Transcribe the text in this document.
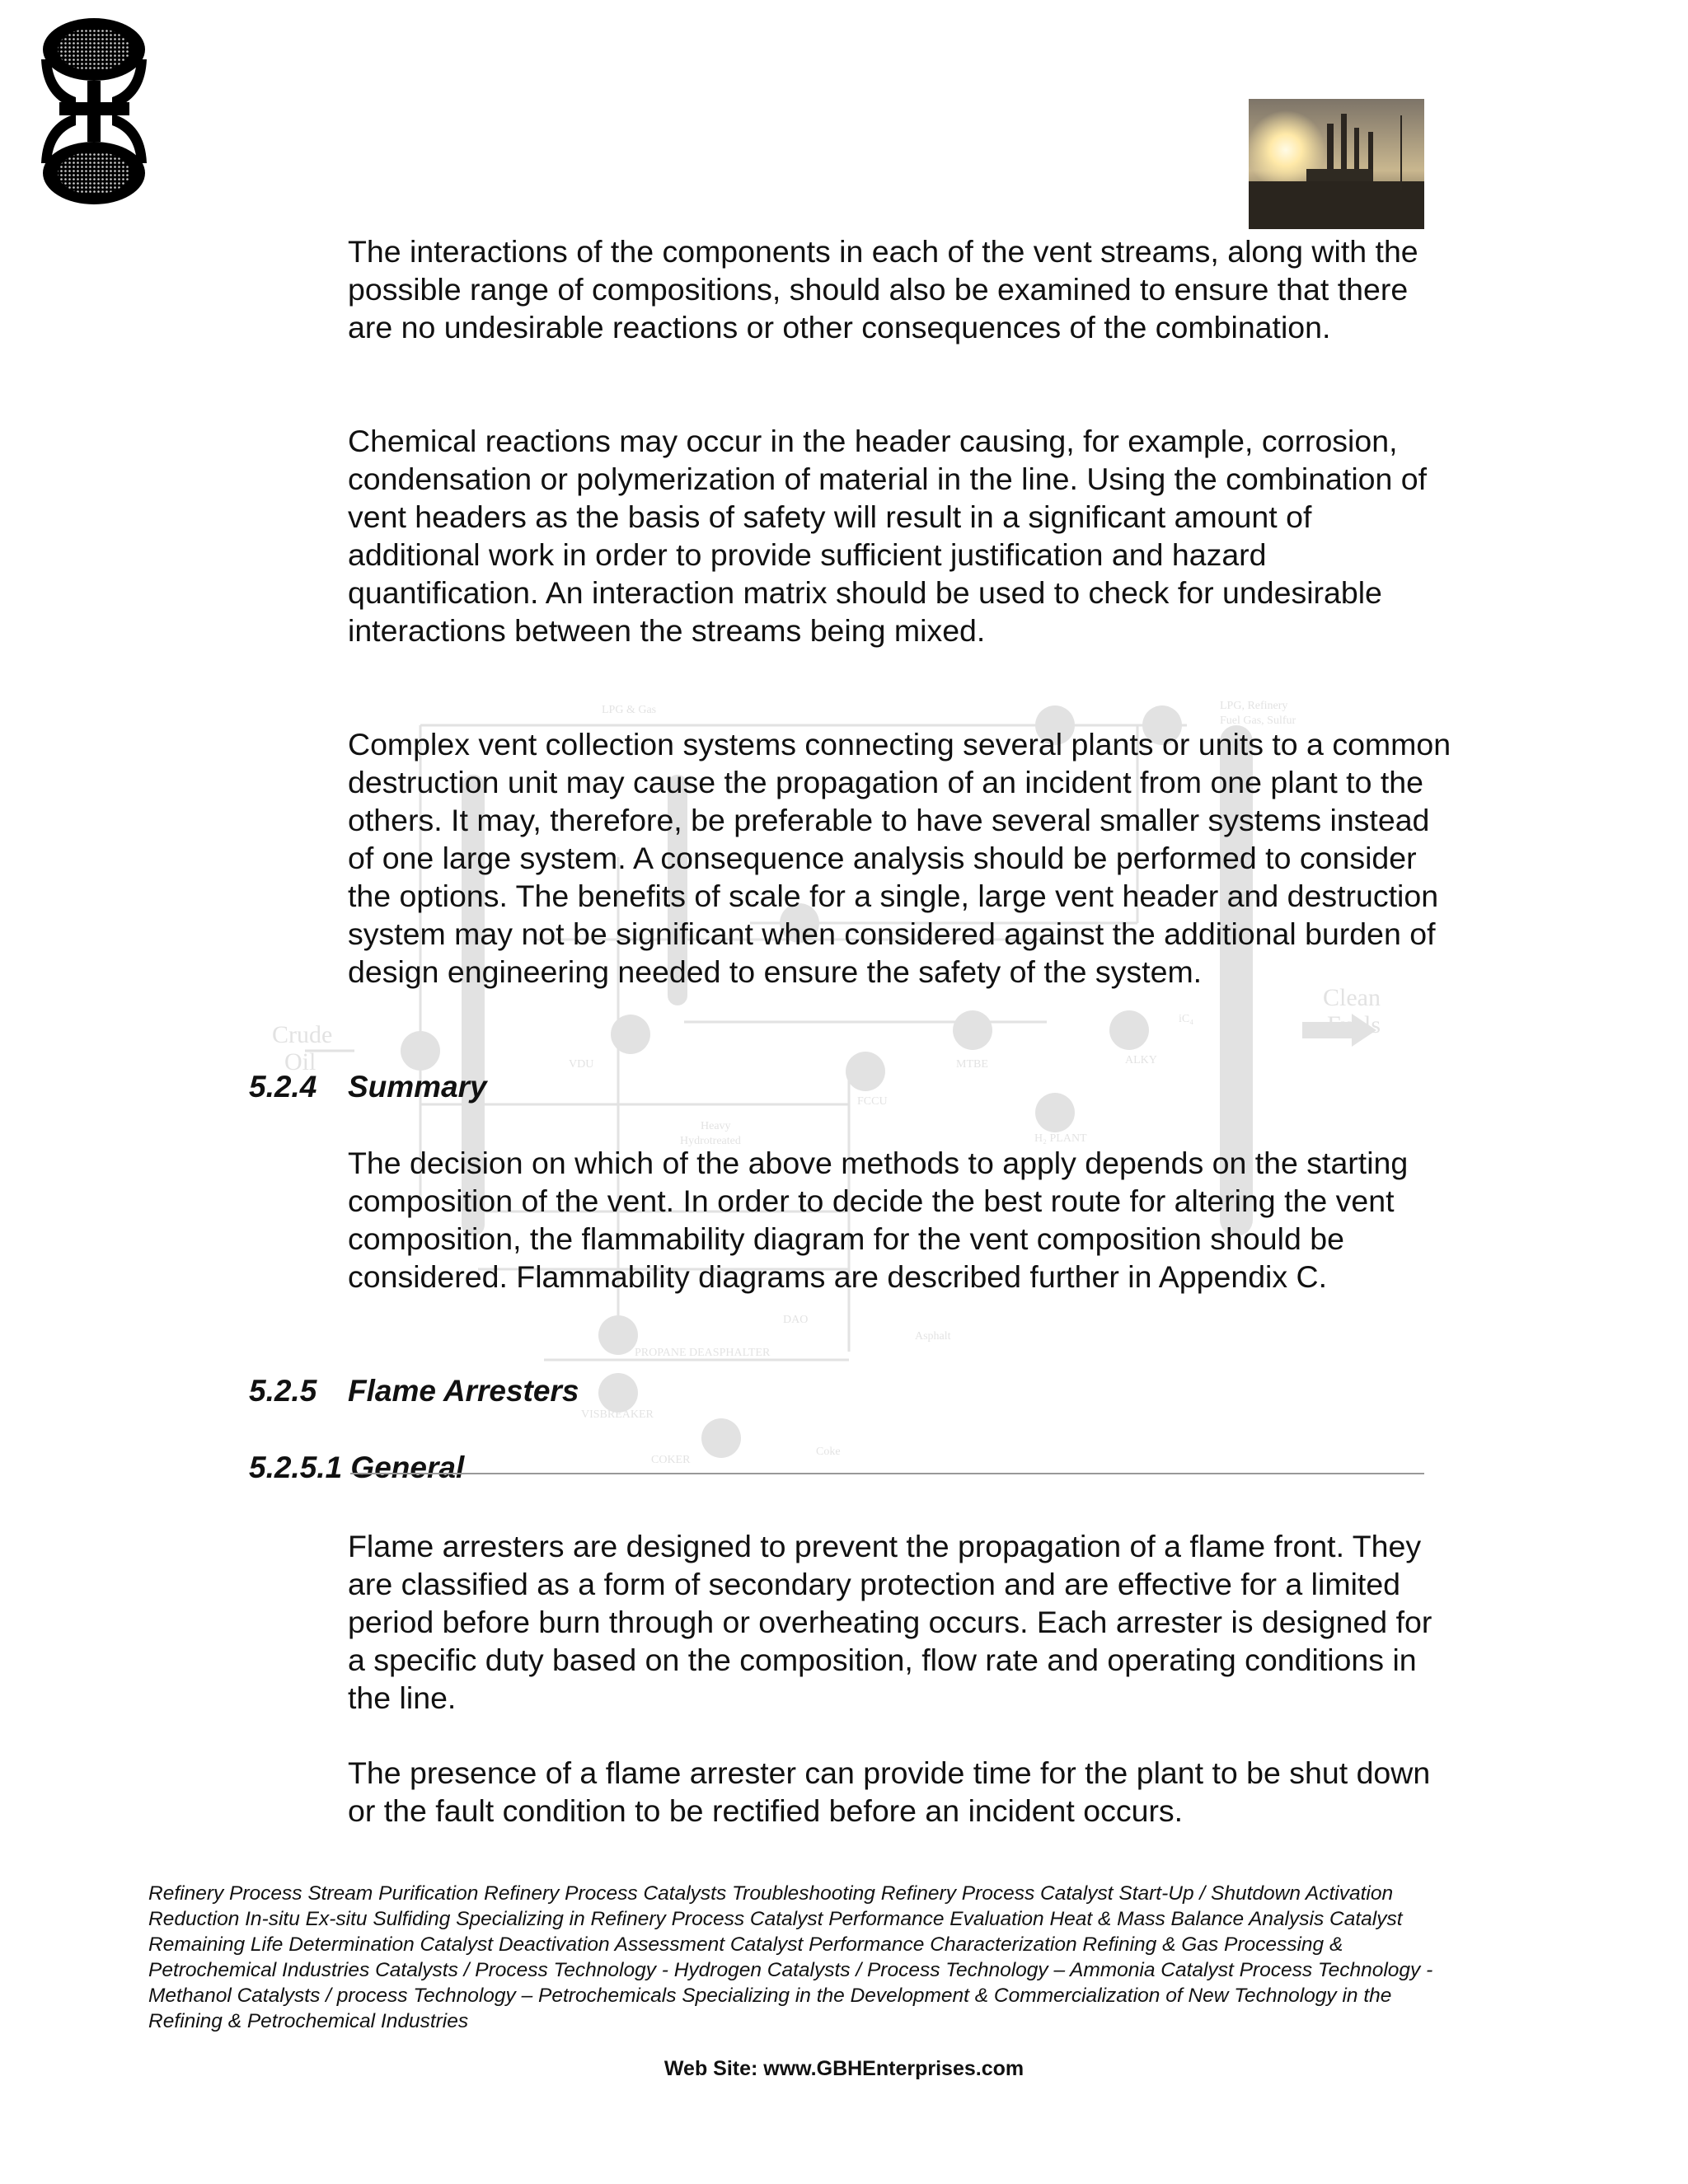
Crude
Oil
Clean
Fuels
LPG & Gas	LPG, Refinery
Fuel Gas, Sulfur
VDU	MTBE	ALKY
iC₄
FCCU
Heavy
Hydrotreated	H₂ PLANT
DAO
Asphalt
PROPANE DEASPHALTER
VISBREAKER
COKER
Coke
The interactions of the components in each of the vent streams, along with the possible range of compositions, should also be examined to ensure that there are no undesirable reactions or other consequences of the combination.
Chemical reactions may occur in the header causing, for example, corrosion, condensation or polymerization of material in the line. Using the combination of vent headers as the basis of safety will result in a significant amount of additional work in order to provide sufficient justification and hazard quantification. An interaction matrix should be used to check for undesirable interactions between the streams being mixed.
Complex vent collection systems connecting several plants or units to a common destruction unit may cause the propagation of an incident from one plant to the others. It may, therefore, be preferable to have several smaller systems instead of one large system. A consequence analysis should be performed to consider the options. The benefits of scale for a single, large vent header and destruction system may not be significant when considered against the additional burden of design engineering needed to ensure the safety of the system.
5.2.4 Summary
The decision on which of the above methods to apply depends on the starting composition of the vent. In order to decide the best route for altering the vent composition, the flammability diagram for the vent composition should be considered. Flammability diagrams are described further in Appendix C.
5.2.5 Flame Arresters
5.2.5.1 General
Flame arresters are designed to prevent the propagation of a flame front. They are classified as a form of secondary protection and are effective for a limited period before burn through or overheating occurs. Each arrester is designed for a specific duty based on the composition, flow rate and operating conditions in the line.
The presence of a flame arrester can provide time for the plant to be shut down or the fault condition to be rectified before an incident occurs.
Refinery Process Stream Purification Refinery Process Catalysts Troubleshooting Refinery Process Catalyst Start-Up / Shutdown Activation Reduction In-situ Ex-situ Sulfiding Specializing in Refinery Process Catalyst Performance Evaluation Heat & Mass Balance Analysis Catalyst Remaining Life Determination Catalyst Deactivation Assessment Catalyst Performance Characterization Refining & Gas Processing & Petrochemical Industries Catalysts / Process Technology - Hydrogen Catalysts / Process Technology – Ammonia Catalyst Process Technology - Methanol Catalysts / process Technology – Petrochemicals Specializing in the Development & Commercialization of New Technology in the Refining & Petrochemical Industries
Web Site: www.GBHEnterprises.com
